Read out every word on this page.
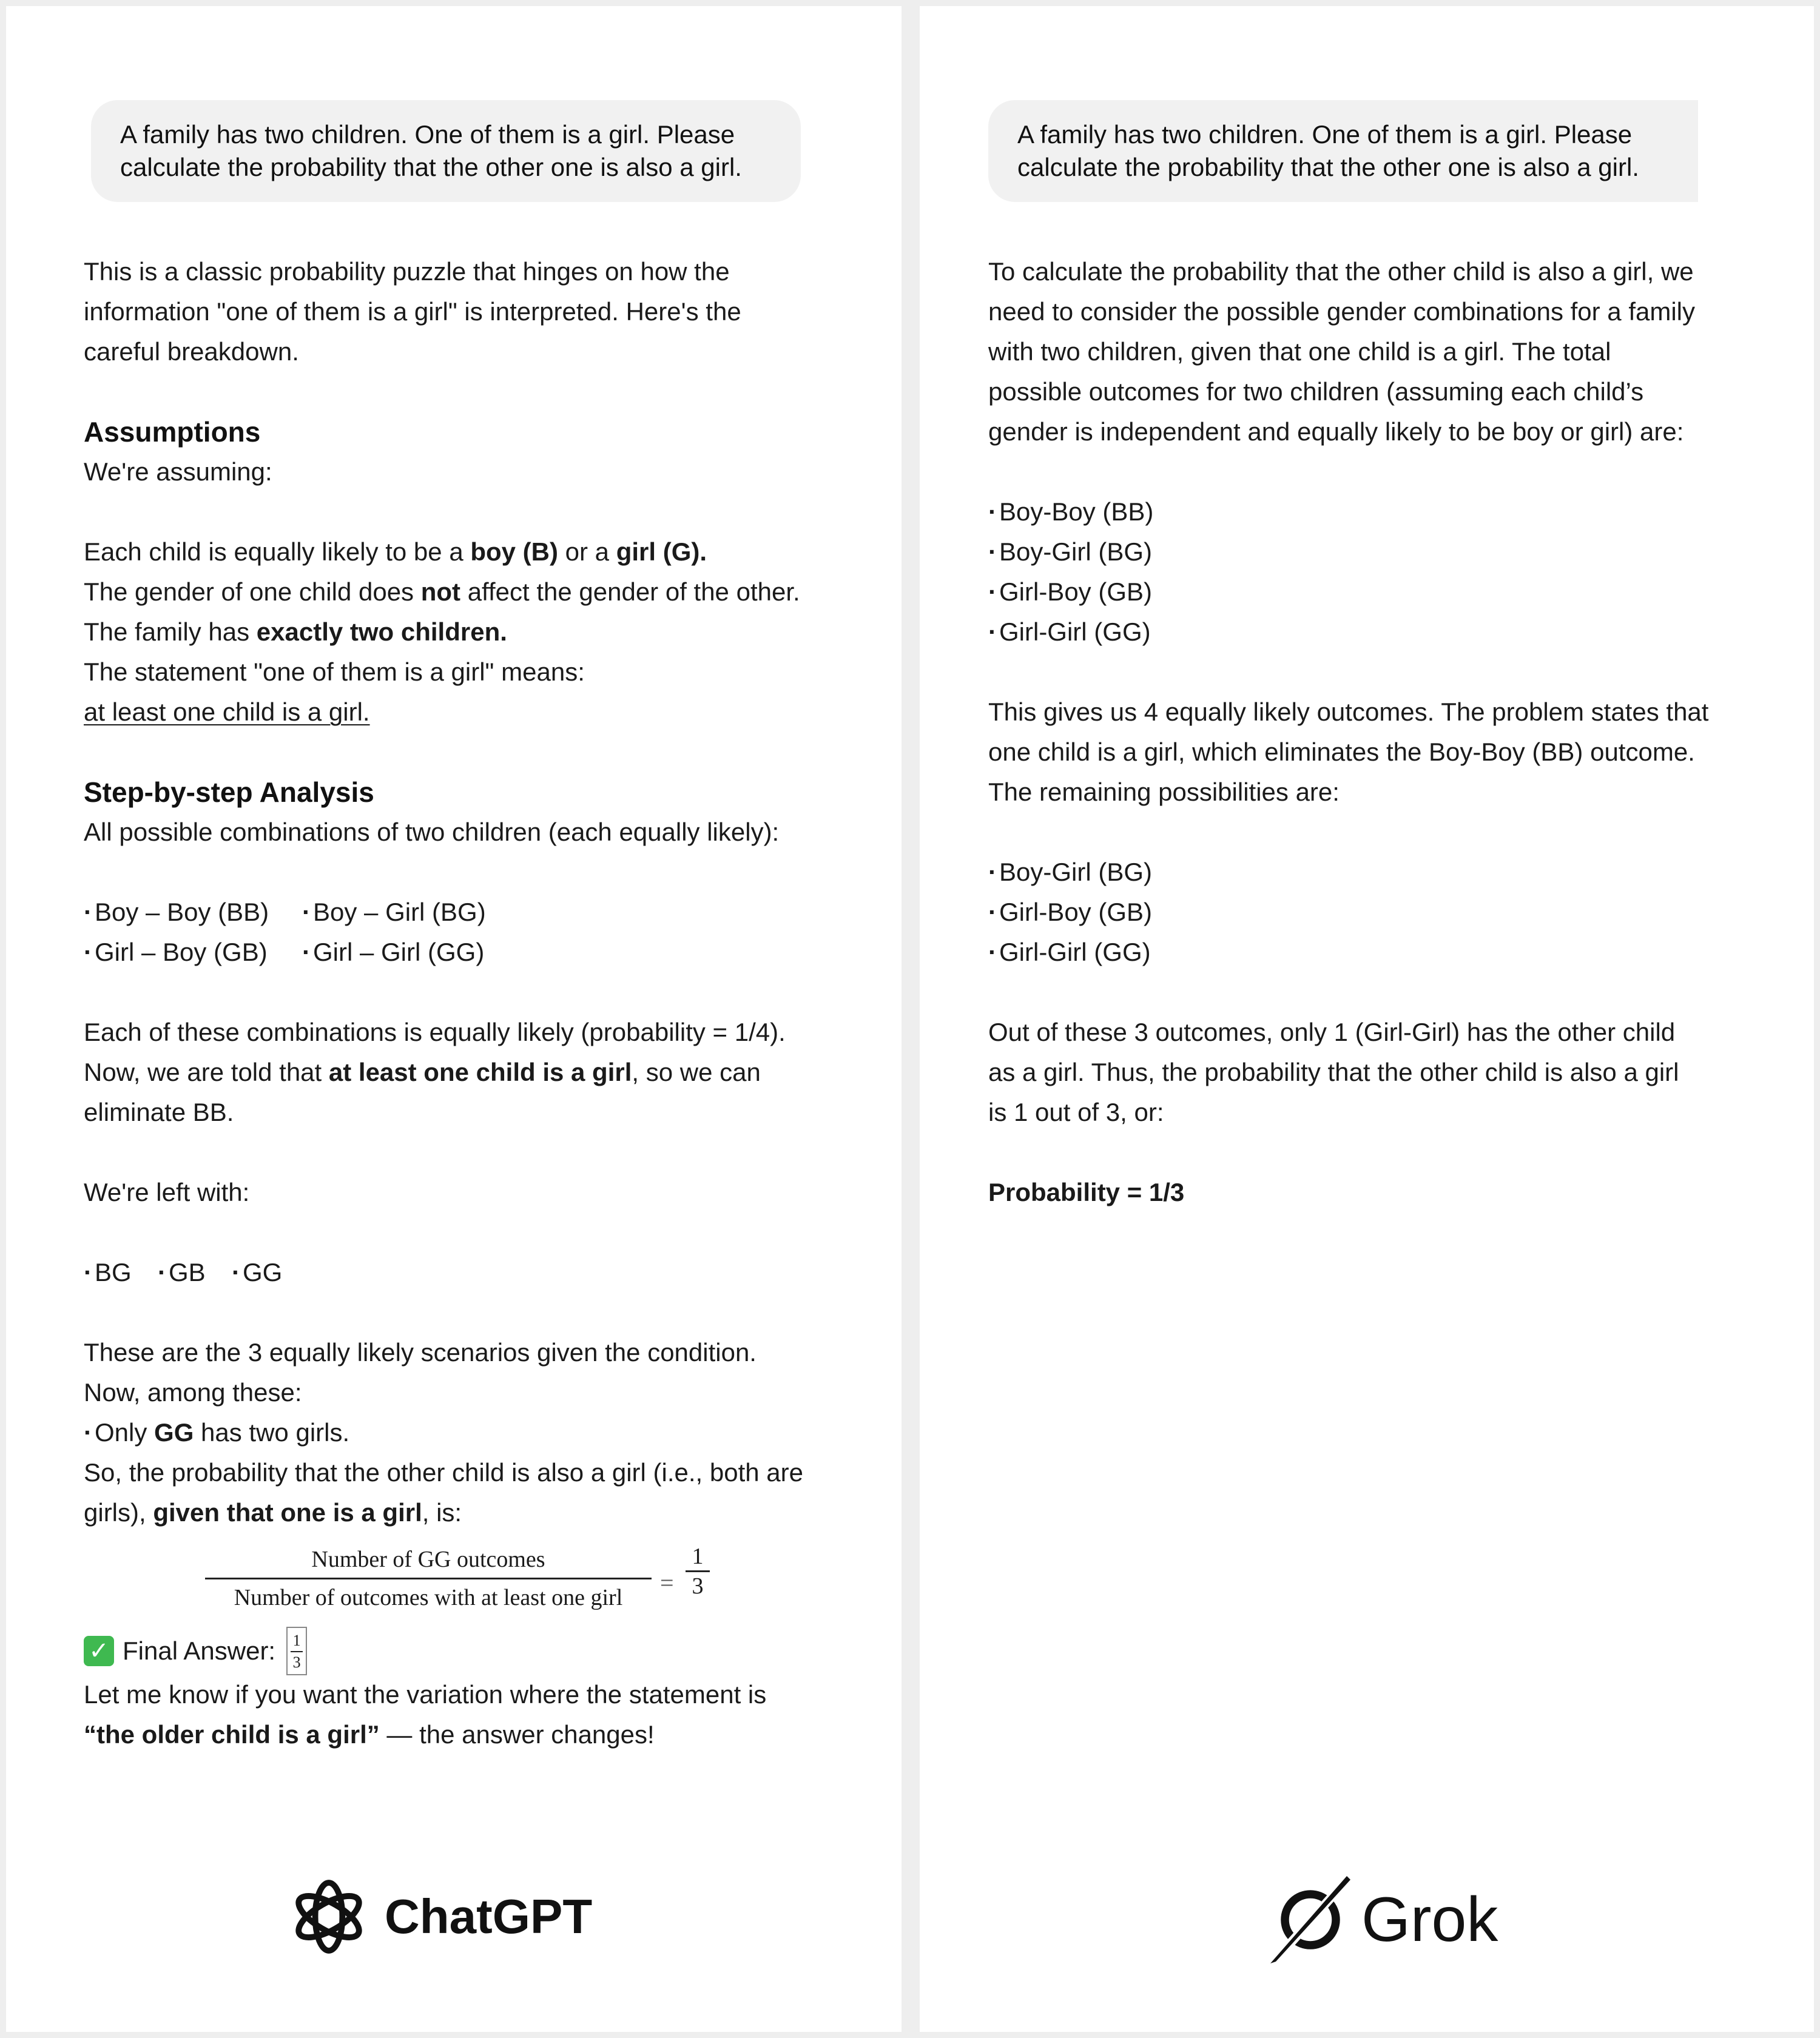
A family has two children. One of them is a girl. Please calculate the probability that the other one is also a girl.
This is a classic probability puzzle that hinges on how the
information "one of them is a girl" is interpreted. Here's the
careful breakdown.
Assumptions
We're assuming:
Each child is equally likely to be a boy (B) or a girl (G).
The gender of one child does not affect the gender of the other.
The family has exactly two children.
The statement "one of them is a girl" means:
at least one child is a girl.
Step-by-step Analysis
All possible combinations of two children (each equally likely):
· Boy – Boy (BB) · Boy – Girl (BG)
· Girl – Boy (GB) · Girl – Girl (GG)
Each of these combinations is equally likely (probability = 1/4).
Now, we are told that at least one child is a girl, so we can
eliminate BB.
We're left with:
· BG · GB · GG
These are the 3 equally likely scenarios given the condition.
Now, among these:
· Only GG has two girls.
So, the probability that the other child is also a girl (i.e., both are
girls), given that one is a girl, is:
Number of GG outcomes
Number of outcomes with at least one girl
= $\frac{1}{3}$
✓ Final Answer: 1
3
Let me know if you want the variation where the statement is
“the older child is a girl” — the answer changes!
ChatGPT
A family has two children. One of them is a girl. Please calculate the probability that the other one is also a girl.
To calculate the probability that the other child is also a girl, we
need to consider the possible gender combinations for a family
with two children, given that one child is a girl. The total
possible outcomes for two children (assuming each child’s
gender is independent and equally likely to be boy or girl) are:
· Boy-Boy (BB)
· Boy-Girl (BG)
· Girl-Boy (GB)
· Girl-Girl (GG)
This gives us 4 equally likely outcomes. The problem states that
one child is a girl, which eliminates the Boy-Boy (BB) outcome.
The remaining possibilities are:
· Boy-Girl (BG)
· Girl-Boy (GB)
· Girl-Girl (GG)
Out of these 3 outcomes, only 1 (Girl-Girl) has the other child
as a girl. Thus, the probability that the other child is also a girl
is 1 out of 3, or:
Probability = 1/3
Grok
